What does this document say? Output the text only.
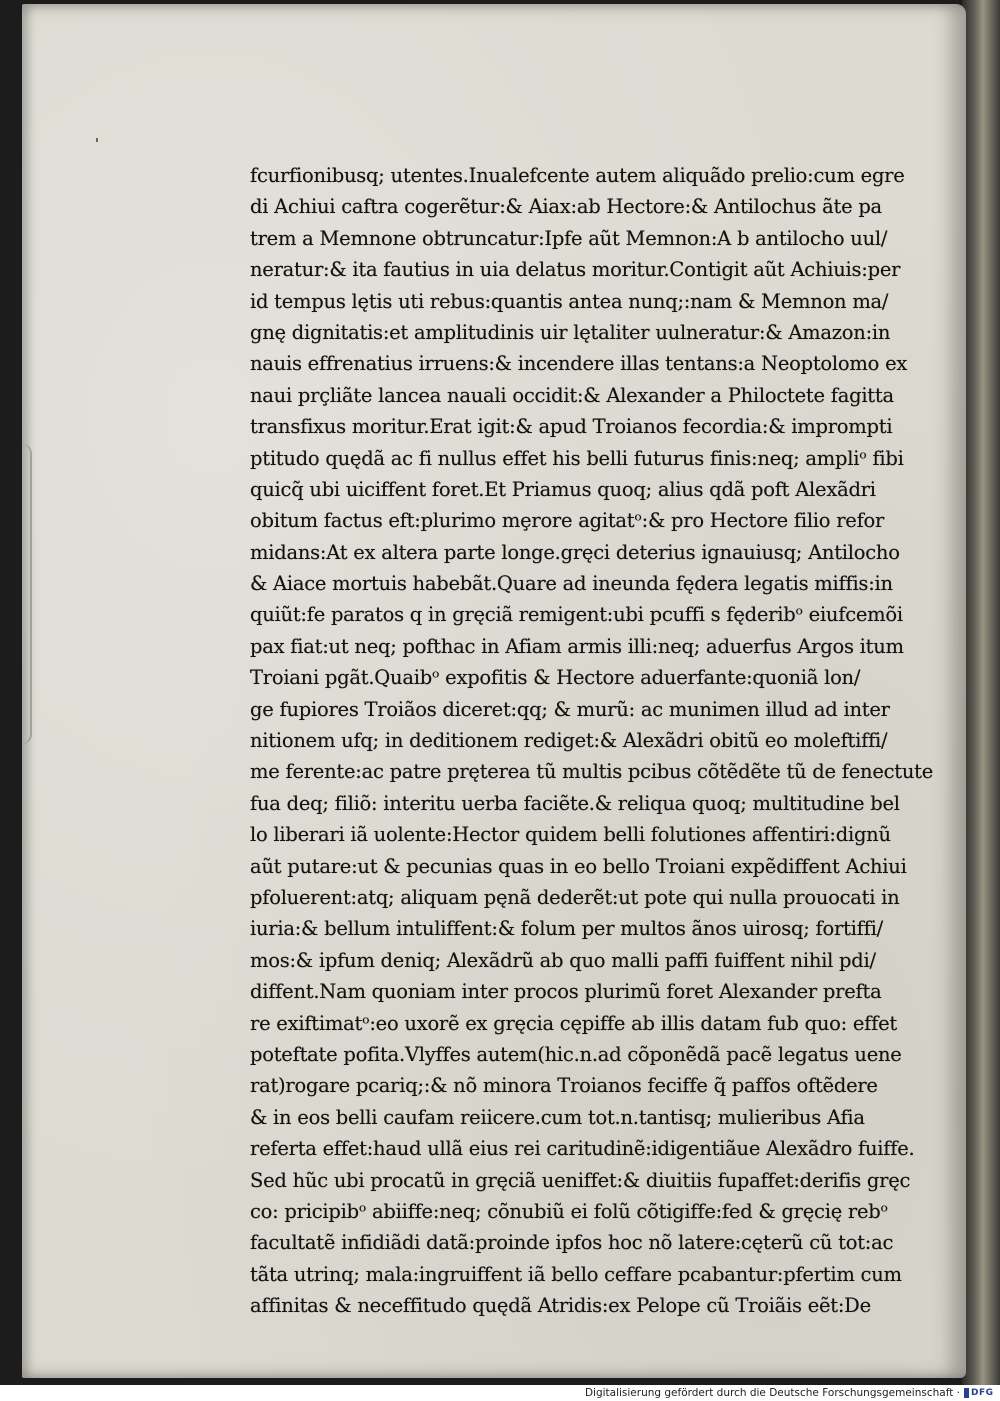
fcurfionibusq; utentes.Inualefcente autem aliquãdo prelio:cum egre
di Achiui caftra cogerẽtur:& Aiax:ab Hectore:& Antilochus ãte pa
trem a Memnone obtruncatur:Ipfe aũt Memnon:A b antilocho uul/
neratur:& ita fautius in uia delatus moritur.Contigit aũt Achiuis:per
id tempus lętis uti rebus:quantis antea nunq;:nam & Memnon ma/
gnę dignitatis:et amplitudinis uir lętaliter uulneratur:& Amazon:in
nauis effrenatius irruens:& incendere illas tentans:a Neoptolomo ex
naui prçliãte lancea nauali occidit:& Alexander a Philoctete fagitta
transfixus moritur.Erat igit:& apud Troianos fecordia:& imprompti
ptitudo quędã ac fi nullus effet his belli futurus finis:neq; ampliᵒ fibi
quicq̃ ubi uiciffent foret.Et Priamus quoq; alius qdã poft Alexãdri
obitum factus eft:plurimo mȩrore agitatᵒ:& pro Hectore filio refor
midans:At ex altera parte longe.gręci deterius ignauiusq; Antilocho
& Aiace mortuis habebãt.Quare ad ineunda fędera legatis miffis:in
quiũt:fe paratos q in gręciã remigent:ubi pcuffi s fęderibᵒ eiufcemõi
pax fiat:ut neq; pofthac in Afiam armis illi:neq; aduerfus Argos itum
Troiani pgãt.Quaibᵒ expofitis & Hectore aduerfante:quoniã lon/
ge fupiores Troiãos diceret:qq; & murũ: ac munimen illud ad inter
nitionem ufq; in deditionem rediget:& Alexãdri obitũ eo moleftiffi/
me ferente:ac patre pręterea tũ multis pcibus cõtẽdẽte tũ de fenectute
fua deq; filiõ: interitu uerba faciẽte.& reliqua quoq; multitudine bel
lo liberari iã uolente:Hector quidem belli folutiones affentiri:dignũ
aũt putare:ut & pecunias quas in eo bello Troiani expẽdiffent Achiui
pfoluerent:atq; aliquam pęnã dederẽt:ut pote qui nulla prouocati in
iuria:& bellum intuliffent:& folum per multos ãnos uirosq; fortiffi/
mos:& ipfum deniq; Alexãdrũ ab quo malli paffi fuiffent nihil pdi/
diffent.Nam quoniam inter procos plurimũ foret Alexander prefta
re exiftimatᵒ:eo uxorẽ ex gręcia cępiffe ab illis datam fub quo: effet
poteftate pofita.Vlyffes autem(hic.n.ad cõponẽdã pacẽ legatus uene
rat)rogare pcariq;:& nõ minora Troianos feciffe q̃ paffos oftẽdere
& in eos belli caufam reiicere.cum tot.n.tantisq; mulieribus Afia
referta effet:haud ullã eius rei caritudinẽ:idigentiãue Alexãdro fuiffe.
Sed hũc ubi procatũ in gręciã ueniffet:& diuitiis fupaffet:derifis gręc
co: pricipibᵒ abiiffe:neq; cõnubiũ ei folũ cõtigiffe:fed & gręcię rebᵒ
facultatẽ infidiãdi datã:proinde ipfos hoc nõ latere:cęterũ cũ tot:ac
tãta utrinq; mala:ingruiffent iã bello ceffare pcabantur:pfertim cum
affinitas & neceffitudo quędã Atridis:ex Pelope cũ Troiãis eẽt:De
Digitalisierung gefördert durch die Deutsche Forschungsgemeinschaft · DFG
